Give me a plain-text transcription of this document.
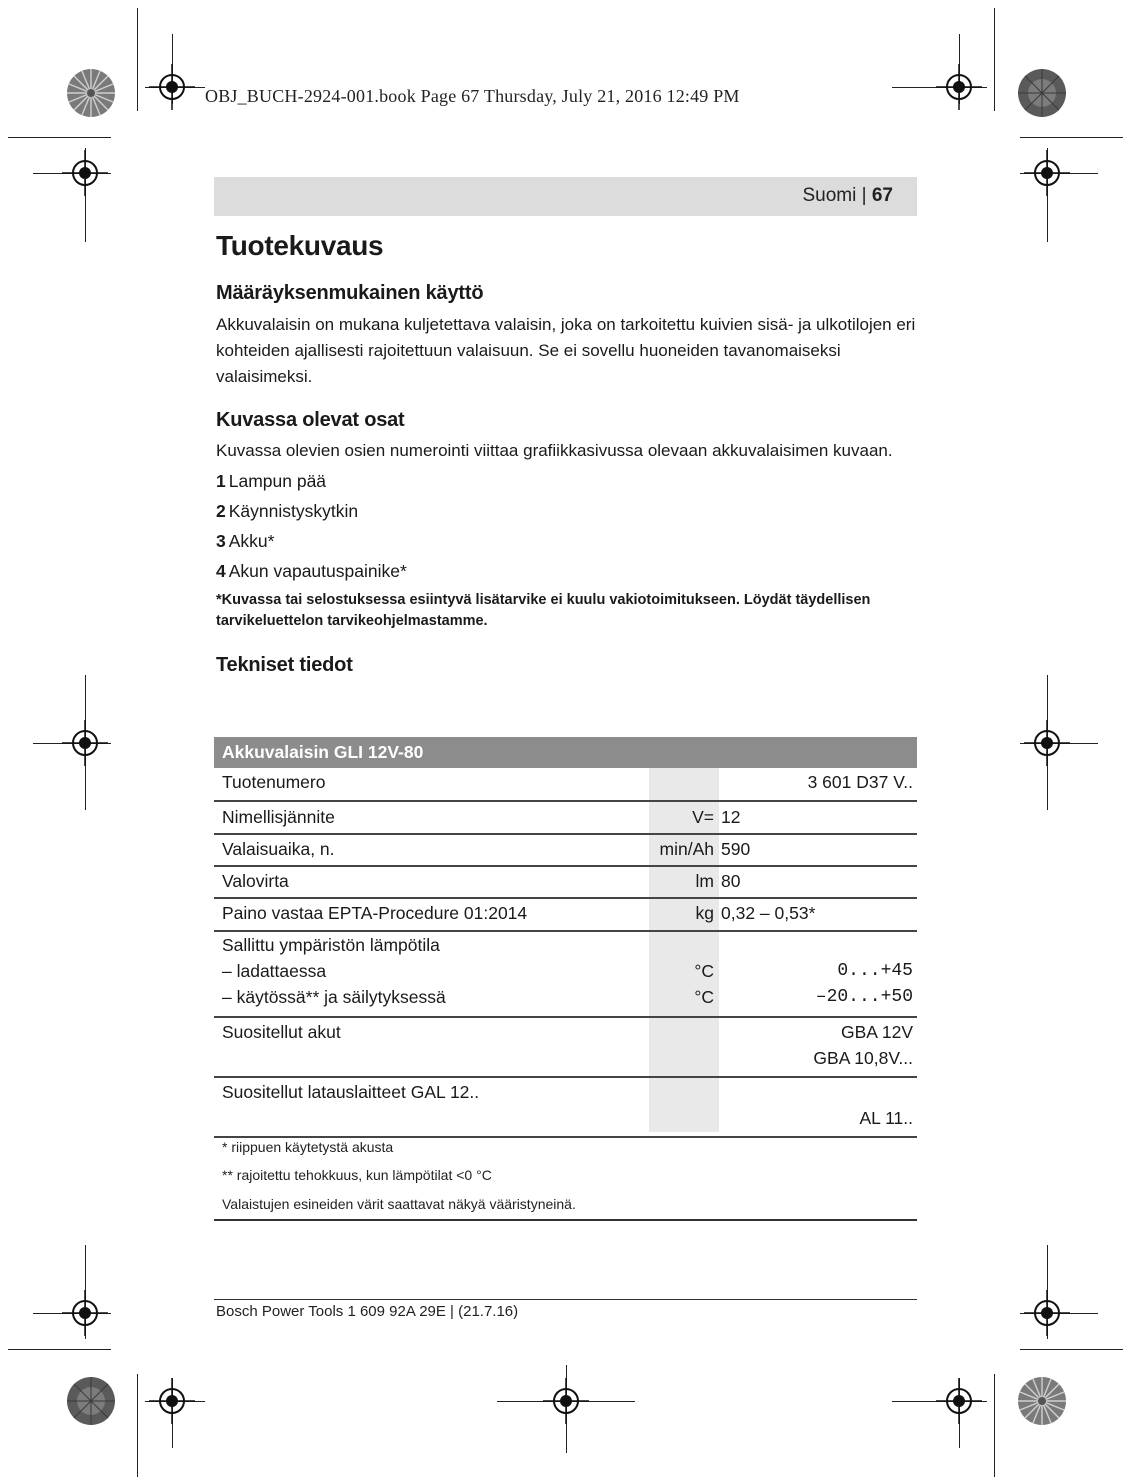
OBJ_BUCH-2924-001.book Page 67 Thursday, July 21, 2016 12:49 PM
Suomi | 67
Tuotekuvaus
Määräyksenmukainen käyttö

Akkuvalaisin on mukana kuljetettava valaisin, joka on tarkoitettu kuivien sisä- ja ulkotilojen eri kohteiden ajallisesti rajoitettuun valaisuun. Se ei sovellu huoneiden tavanomaiseksi valaisimeksi.

Kuvassa olevat osat

Kuvassa olevien osien numerointi viittaa grafiikkasivussa olevaan akkuvalaisimen kuvaan.

1 Lampun pää
2 Käynnistyskytkin
3 Akku*
4 Akun vapautuspainike*
*Kuvassa tai selostuksessa esiintyvä lisätarvike ei kuulu vakiotoimitukseen. Löydät täydellisen tarvikeluettelon tarvikeohjelmastamme.
Tekniset tiedot
Akkuvalaisin GLI 12V-80
Tuotenumero	3 601 D37 V..
Nimellisjännite	V= 12
Valaisuaika, n.	min/Ah 590
Valovirta	lm 80
Paino vastaa EPTA-Procedure 01:2014	kg 0,32 – 0,53*
Sallittu ympäristön lämpötila
– ladattaessa	°C	0...+45
– käytössä** ja säilytyksessä	°C	–20...+50
Suositellut akut	GBA 12V
GBA 10,8V...
Suositellut latauslaitteet GAL 12..
AL 11..
* riippuen käytetystä akusta
** rajoitettu tehokkuus, kun lämpötilat <0 °C
Valaistujen esineiden värit saattavat näkyä vääristyneinä.
Bosch Power Tools 1 609 92A 29E | (21.7.16)
